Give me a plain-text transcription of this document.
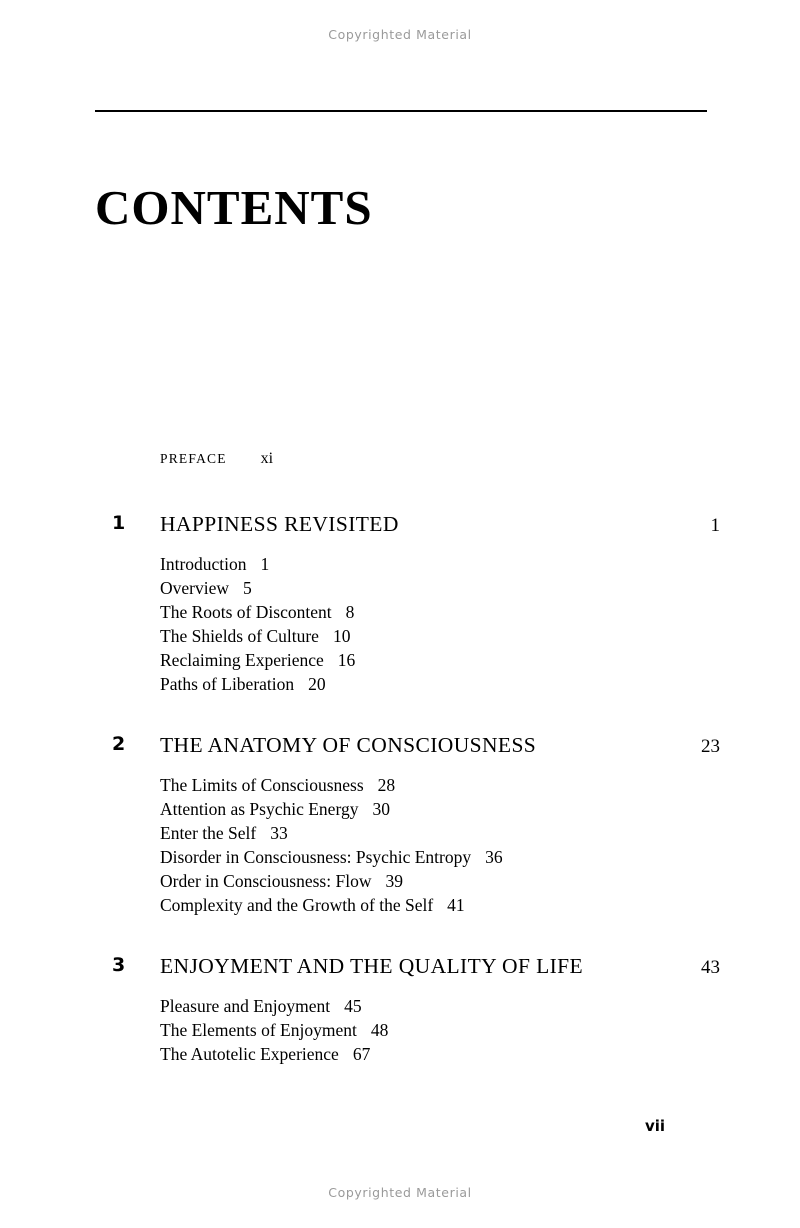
Copyrighted Material
CONTENTS
PREFACE xi
1	HAPPINESS REVISITED	1
Introduction 1
Overview 5
The Roots of Discontent 8
The Shields of Culture 10
Reclaiming Experience 16
Paths of Liberation 20
2	THE ANATOMY OF CONSCIOUSNESS	23
The Limits of Consciousness 28
Attention as Psychic Energy 30
Enter the Self 33
Disorder in Consciousness: Psychic Entropy 36
Order in Consciousness: Flow 39
Complexity and the Growth of the Self 41
3	ENJOYMENT AND THE QUALITY OF LIFE	43
Pleasure and Enjoyment 45
The Elements of Enjoyment 48
The Autotelic Experience 67
vii
Copyrighted Material
